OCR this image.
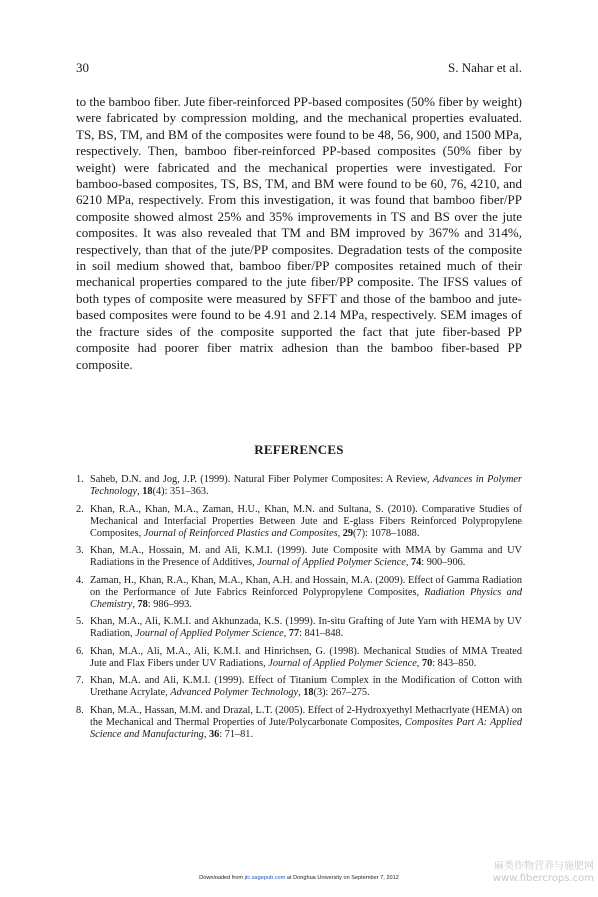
30	S. Nahar et al.
to the bamboo fiber. Jute fiber-reinforced PP-based composites (50% fiber by weight) were fabricated by compression molding, and the mechanical properties evaluated. TS, BS, TM, and BM of the composites were found to be 48, 56, 900, and 1500 MPa, respectively. Then, bamboo fiber-reinforced PP-based composites (50% fiber by weight) were fabricated and the mechanical properties were investigated. For bamboo-based composites, TS, BS, TM, and BM were found to be 60, 76, 4210, and 6210 MPa, respectively. From this investigation, it was found that bamboo fiber/PP composite showed almost 25% and 35% improvements in TS and BS over the jute composites. It was also revealed that TM and BM improved by 367% and 314%, respectively, than that of the jute/PP composites. Degradation tests of the composite in soil medium showed that, bamboo fiber/PP composites retained much of their mechanical properties compared to the jute fiber/PP composite. The IFSS values of both types of composite were measured by SFFT and those of the bamboo and jute-based composites were found to be 4.91 and 2.14 MPa, respectively. SEM images of the fracture sides of the composite supported the fact that jute fiber-based PP composite had poorer fiber matrix adhesion than the bamboo fiber-based PP composite.
REFERENCES
1. Saheb, D.N. and Jog, J.P. (1999). Natural Fiber Polymer Composites: A Review, Advances in Polymer Technology, 18(4): 351–363.
2. Khan, R.A., Khan, M.A., Zaman, H.U., Khan, M.N. and Sultana, S. (2010). Comparative Studies of Mechanical and Interfacial Properties Between Jute and E-glass Fibers Reinforced Polypropylene Composites, Journal of Reinforced Plastics and Composites, 29(7): 1078–1088.
3. Khan, M.A., Hossain, M. and Ali, K.M.I. (1999). Jute Composite with MMA by Gamma and UV Radiations in the Presence of Additives, Journal of Applied Polymer Science, 74: 900–906.
4. Zaman, H., Khan, R.A., Khan, M.A., Khan, A.H. and Hossain, M.A. (2009). Effect of Gamma Radiation on the Performance of Jute Fabrics Reinforced Polypropylene Composites, Radiation Physics and Chemistry, 78: 986–993.
5. Khan, M.A., Ali, K.M.I. and Akhunzada, K.S. (1999). In-situ Grafting of Jute Yarn with HEMA by UV Radiation, Journal of Applied Polymer Science, 77: 841–848.
6. Khan, M.A., Ali, M.A., Ali, K.M.I. and Hinrichsen, G. (1998). Mechanical Studies of MMA Treated Jute and Flax Fibers under UV Radiations, Journal of Applied Polymer Science, 70: 843–850.
7. Khan, M.A. and Ali, K.M.I. (1999). Effect of Titanium Complex in the Modification of Cotton with Urethane Acrylate, Advanced Polymer Technology, 18(3): 267–275.
8. Khan, M.A., Hassan, M.M. and Drazal, L.T. (2005). Effect of 2-Hydroxyethyl Methacrlyate (HEMA) on the Mechanical and Thermal Properties of Jute/Polycarbonate Composites, Composites Part A: Applied Science and Manufacturing, 36: 71–81.
Downloaded from jtc.sagepub.com at Donghua University on September 7, 2012
麻类作物营养与施肥网
www.fibercrops.com
